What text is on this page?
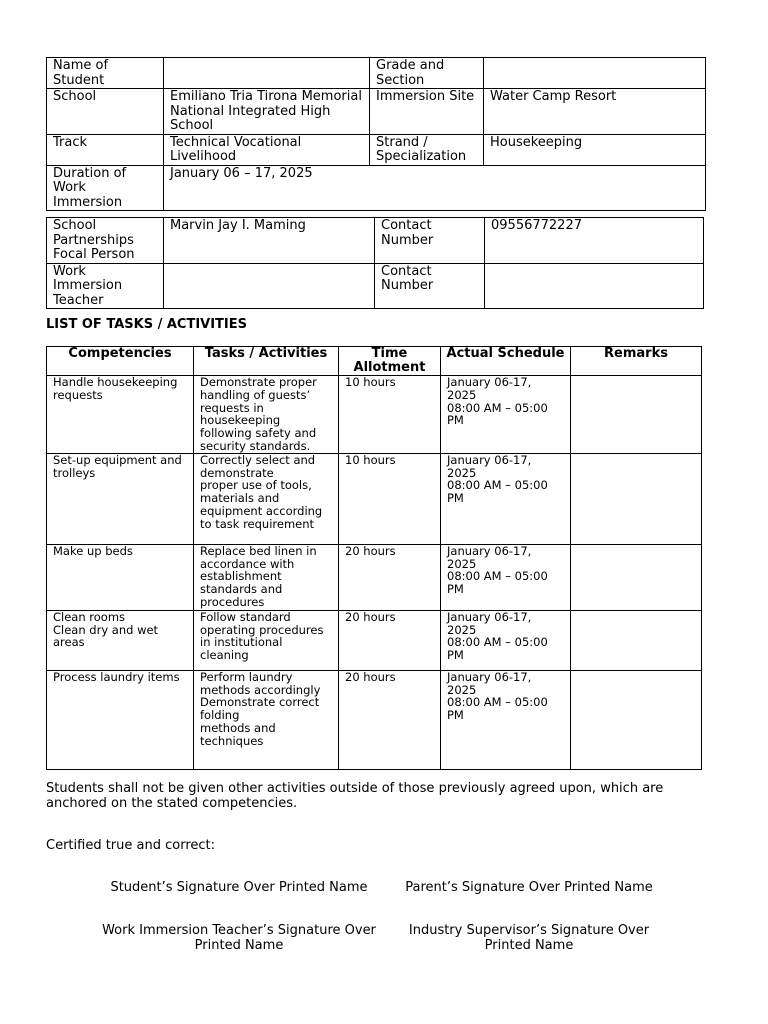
Name of Student		Grade and Section	
School	Emiliano Tria Tirona Memorial National Integrated High School	Immersion Site	Water Camp Resort
Track	Technical Vocational Livelihood	Strand / Specialization	Housekeeping
Duration of Work Immersion	January 06 – 17, 2025		
School Partnerships Focal Person	Marvin Jay I. Maming	Contact Number	09556772227
Work Immersion Teacher		Contact Number	
LIST OF TASKS / ACTIVITIES
Competencies	Tasks / Activities	Time Allotment	Actual Schedule	Remarks
Handle housekeeping requests	Demonstrate proper handling of guests’ requests in housekeeping following safety and security standards.	10 hours	January 06-17, 2025
08:00 AM – 05:00 PM	
Set-up equipment and trolleys	Correctly select and demonstrate
proper use of tools, materials and equipment according to task requirement	10 hours	January 06-17, 2025
08:00 AM – 05:00 PM	
Make up beds	Replace bed linen in accordance with establishment standards and procedures	20 hours	January 06-17, 2025
08:00 AM – 05:00 PM	
Clean rooms
Clean dry and wet areas	Follow standard operating procedures in institutional cleaning	20 hours	January 06-17, 2025
08:00 AM – 05:00 PM	
Process laundry items	Perform laundry methods accordingly
Demonstrate correct folding
methods and techniques	20 hours	January 06-17, 2025
08:00 AM – 05:00 PM	
Students shall not be given other activities outside of those previously agreed upon, which are anchored on the stated competencies.
Certified true and correct:
Student’s Signature Over Printed Name	Parent’s Signature Over Printed Name
Work Immersion Teacher’s Signature Over Printed Name
Industry Supervisor’s Signature Over Printed Name
